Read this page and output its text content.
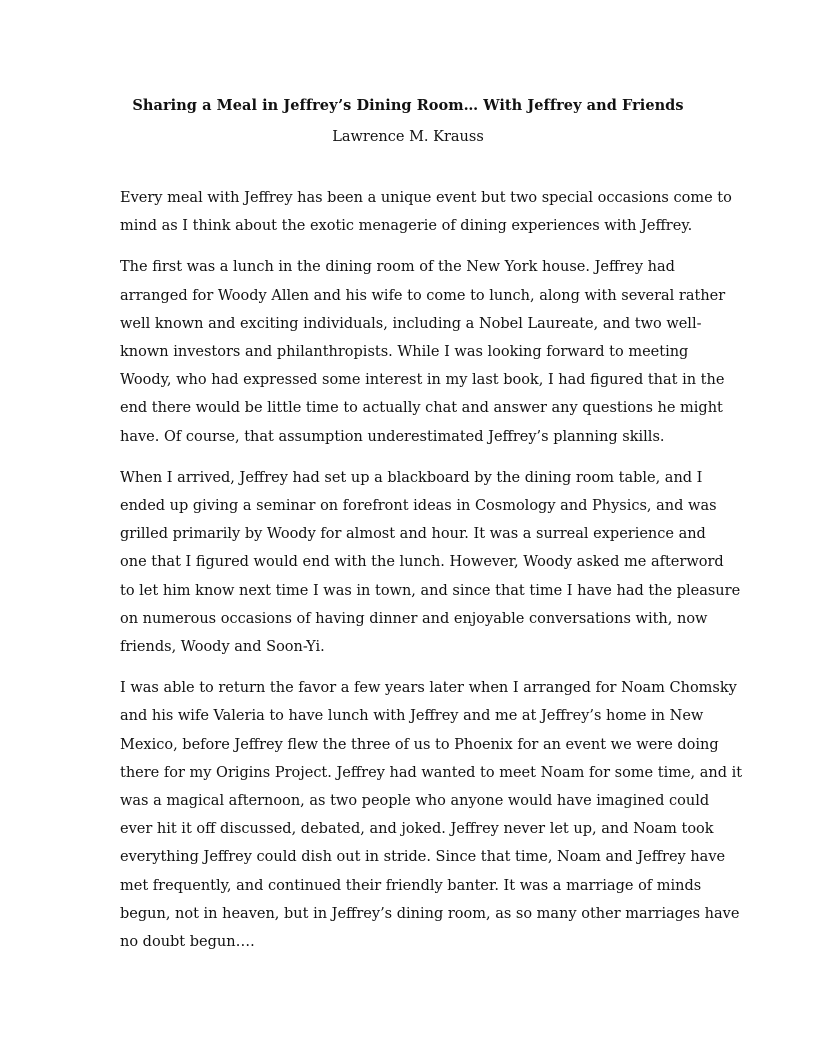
Sharing a Meal in Jeffrey’s Dining Room… With Jeffrey and Friends
Lawrence M. Krauss

Every meal with Jeffrey has been a unique event but two special occasions come to
mind as I think about the exotic menagerie of dining experiences with Jeffrey.

The first was a lunch in the dining room of the New York house. Jeffrey had
arranged for Woody Allen and his wife to come to lunch, along with several rather
well known and exciting individuals, including a Nobel Laureate, and two well-
known investors and philanthropists. While I was looking forward to meeting
Woody, who had expressed some interest in my last book, I had figured that in the
end there would be little time to actually chat and answer any questions he might
have. Of course, that assumption underestimated Jeffrey’s planning skills.

When I arrived, Jeffrey had set up a blackboard by the dining room table, and I
ended up giving a seminar on forefront ideas in Cosmology and Physics, and was
grilled primarily by Woody for almost and hour. It was a surreal experience and
one that I figured would end with the lunch. However, Woody asked me afterword
to let him know next time I was in town, and since that time I have had the pleasure
on numerous occasions of having dinner and enjoyable conversations with, now
friends, Woody and Soon-Yi.

I was able to return the favor a few years later when I arranged for Noam Chomsky
and his wife Valeria to have lunch with Jeffrey and me at Jeffrey’s home in New
Mexico, before Jeffrey flew the three of us to Phoenix for an event we were doing
there for my Origins Project. Jeffrey had wanted to meet Noam for some time, and it
was a magical afternoon, as two people who anyone would have imagined could
ever hit it off discussed, debated, and joked. Jeffrey never let up, and Noam took
everything Jeffrey could dish out in stride. Since that time, Noam and Jeffrey have
met frequently, and continued their friendly banter. It was a marriage of minds
begun, not in heaven, but in Jeffrey’s dining room, as so many other marriages have
no doubt begun….
